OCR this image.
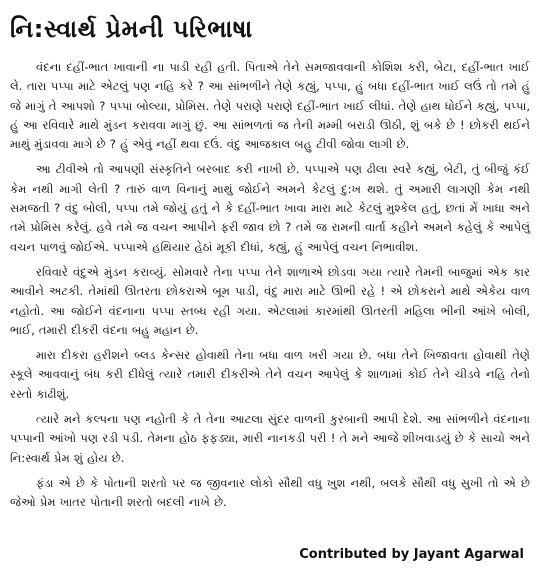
નિ:સ્વાર્થ પ્રેમની પરિભાષા

વંદના દહીં-ભાત ખાવાની ના પાડી રહી હતી. પિતાએ તેને સમજાવવાની કોશિશ કરી, બેટા, દહીં-ભાત ખાઈ લે. તારા પપ્પા માટે એટલું પણ નહિ કરે ? આ સાંભળીને તેણે કહ્યું, પપ્પા, હું બધા દહીં-ભાત ખાઈ લઉં તો તમે હું જે માગું તે આપશો ? પપ્પા બોલ્યા, પ્રોમિસ. તેણે પરાણે પરાણે દહીં-ભાત ખાઈ લીધાં. તેણે હાથ ધોઈને કહ્યું, પપ્પા, હું આ રવિવારે માથે મુંડન કરાવવા માગું છું. આ સાંભળતાં જ તેની મમ્મી બરાડી ઊઠી, શું બકે છે ! છોકરી થઈને માથું મુંડાવવા માગે છે ? હું એવું નહીં થવા દઉં. વંદુ આજકાલ બહુ ટીવી જોવા લાગી છે.

આ ટીવીએ તો આપણી સંસ્કૃતિને બરબાદ કરી નાખી છે. પપ્પાએ પણ ઢીલા સ્વરે કહ્યું, બેટી, તું બીજું કંઈ કેમ નથી માગી લેતી ? તારું વાળ વિનાનું માથું જોઈને અમને કેટલું દુ:ખ થશે. તું અમારી લાગણી કેમ નથી સમજતી ? વંદુ બોલી, પપ્પા તમે જોયું હતું ને કે દહીં-ભાત ખાવા મારા માટે કેટલું મુશ્કેલ હતું, છતાં મેં ખાધા અને તમે પ્રોમિસ કરેલું. હવે તમે જ વચન આપીને ફરી જાવ છો ? તમે જ રામની વાર્તા કહીને અમને કહેલું કે આપેલું વચન પાળવું જોઈએ. પપ્પાએ હથિયાર હેઠાં મૂકી દીધાં, કહ્યું, હું આપેલું વચન નિભાવીશ.

રવિવારે વંદુએ મુંડન કરાવ્યું. સોમવારે તેના પપ્પા તેને શાળાએ છોડવા ગયા ત્યારે તેમની બાજુમાં એક કાર આવીને અટકી. તેમાંથી ઊતરતા છોકરાએ બૂમ પાડી, વંદુ મારા માટે ઊભી રહે ! એ છોકરાને માથે એકેય વાળ નહોતો. આ જોઈને વંદનાના પપ્પા સ્તબ્ધ રહી ગયા. એટલામાં કારમાંથી ઊતરતી મહિલા ભીની આંખે બોલી, ભાઈ, તમારી દીકરી વંદના બહુ મહાન છે.

મારા દીકરા હરીશને બ્લડ કેન્સર હોવાથી તેના બધા વાળ ખરી ગયા છે. બધા તેને ખિજાવતા હોવાથી તેણે સ્કૂલે આવવાનું બંધ કરી દીધેલું ત્યારે તમારી દીકરીએ તેને વચન આપેલું કે શાળામાં કોઈ તેને ચીડવે નહિ તેનો રસ્તો કાઢીશું.

ત્યારે મને કલ્પના પણ નહોતી કે તે તેના આટલા સુંદર વાળની કુરબાની આપી દેશે. આ સાંભળીને વંદનાના પપ્પાની આંખો પણ રડી પડી. તેમના હોઠ ફફડ્યા, મારી નાનકડી પરી ! તે મને આજે શીખવાડયું છે કે સાચો અને નિ:સ્વાર્થ પ્રેમ શું હોય છે.

ફંડા એ છે કે પોતાની શરતો પર જ જીવનાર લોકો સૌથી વધુ ખુશ નથી, બલકે સૌથી વધુ સુખી તો એ છે જેઓ પ્રેમ ખાતર પોતાની શરતો બદલી નાખે છે.

Contributed by Jayant Agarwal
